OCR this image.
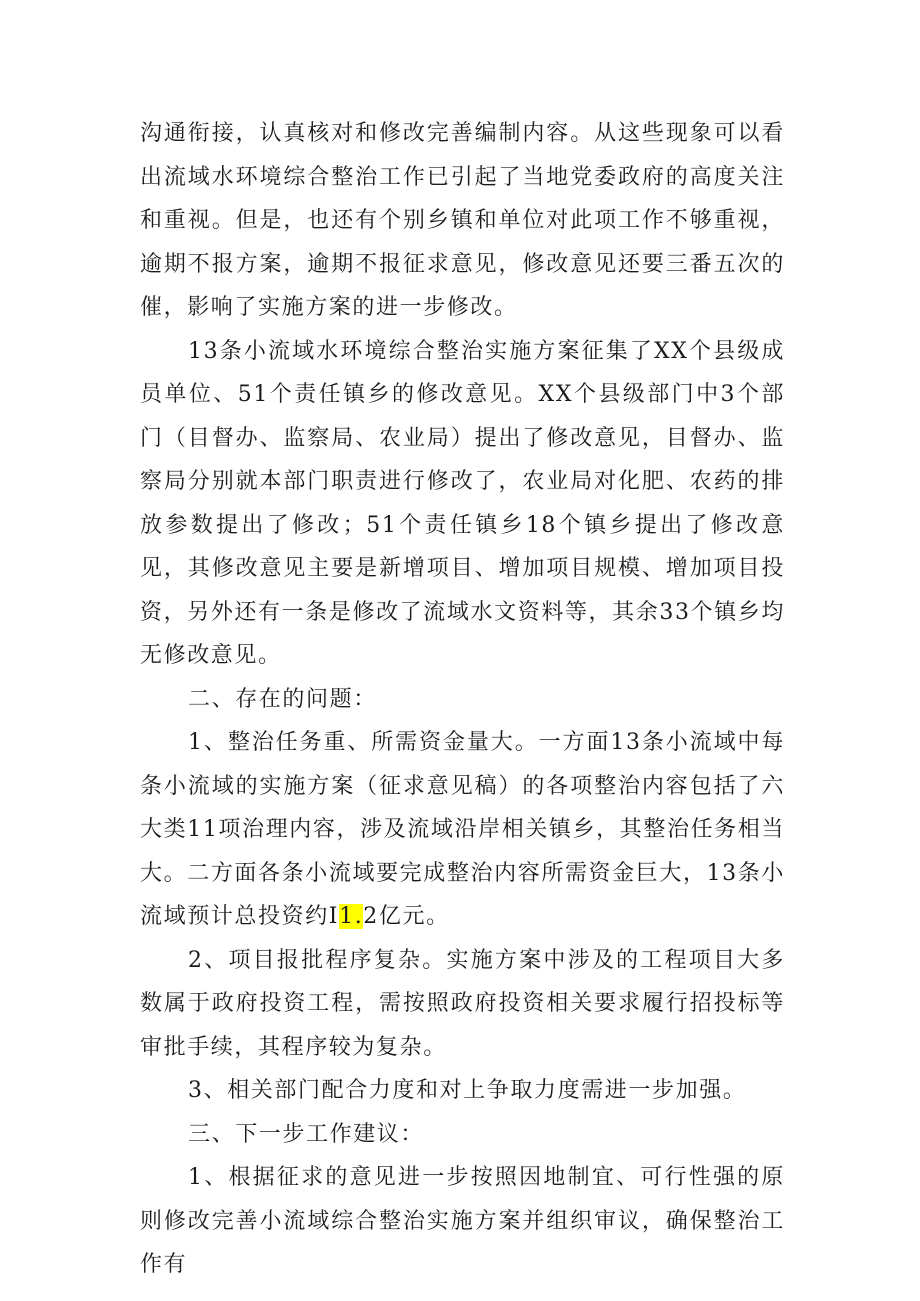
沟通衔接，认真核对和修改完善编制内容。从这些现象可以看出流域水环境综合整治工作已引起了当地党委政府的高度关注和重视。但是，也还有个别乡镇和单位对此项工作不够重视，逾期不报方案，逾期不报征求意见，修改意见还要三番五次的催，影响了实施方案的进一步修改。

13条小流域水环境综合整治实施方案征集了XX个县级成员单位、51个责任镇乡的修改意见。XX个县级部门中3个部门（目督办、监察局、农业局）提出了修改意见，目督办、监察局分别就本部门职责进行修改了，农业局对化肥、农药的排放参数提出了修改；51个责任镇乡18个镇乡提出了修改意见，其修改意见主要是新增项目、增加项目规模、增加项目投资，另外还有一条是修改了流域水文资料等，其余33个镇乡均无修改意见。

二、存在的问题：

1、整治任务重、所需资金量大。一方面13条小流域中每条小流域的实施方案（征求意见稿）的各项整治内容包括了六大类11项治理内容，涉及流域沿岸相关镇乡，其整治任务相当大。二方面各条小流域要完成整治内容所需资金巨大，13条小流域预计总投资约I1.2亿元。

2、项目报批程序复杂。实施方案中涉及的工程项目大多数属于政府投资工程，需按照政府投资相关要求履行招投标等审批手续，其程序较为复杂。

3、相关部门配合力度和对上争取力度需进一步加强。

三、下一步工作建议：

1、根据征求的意见进一步按照因地制宜、可行性强的原则修改完善小流域综合整治实施方案并组织审议，确保整治工作有
